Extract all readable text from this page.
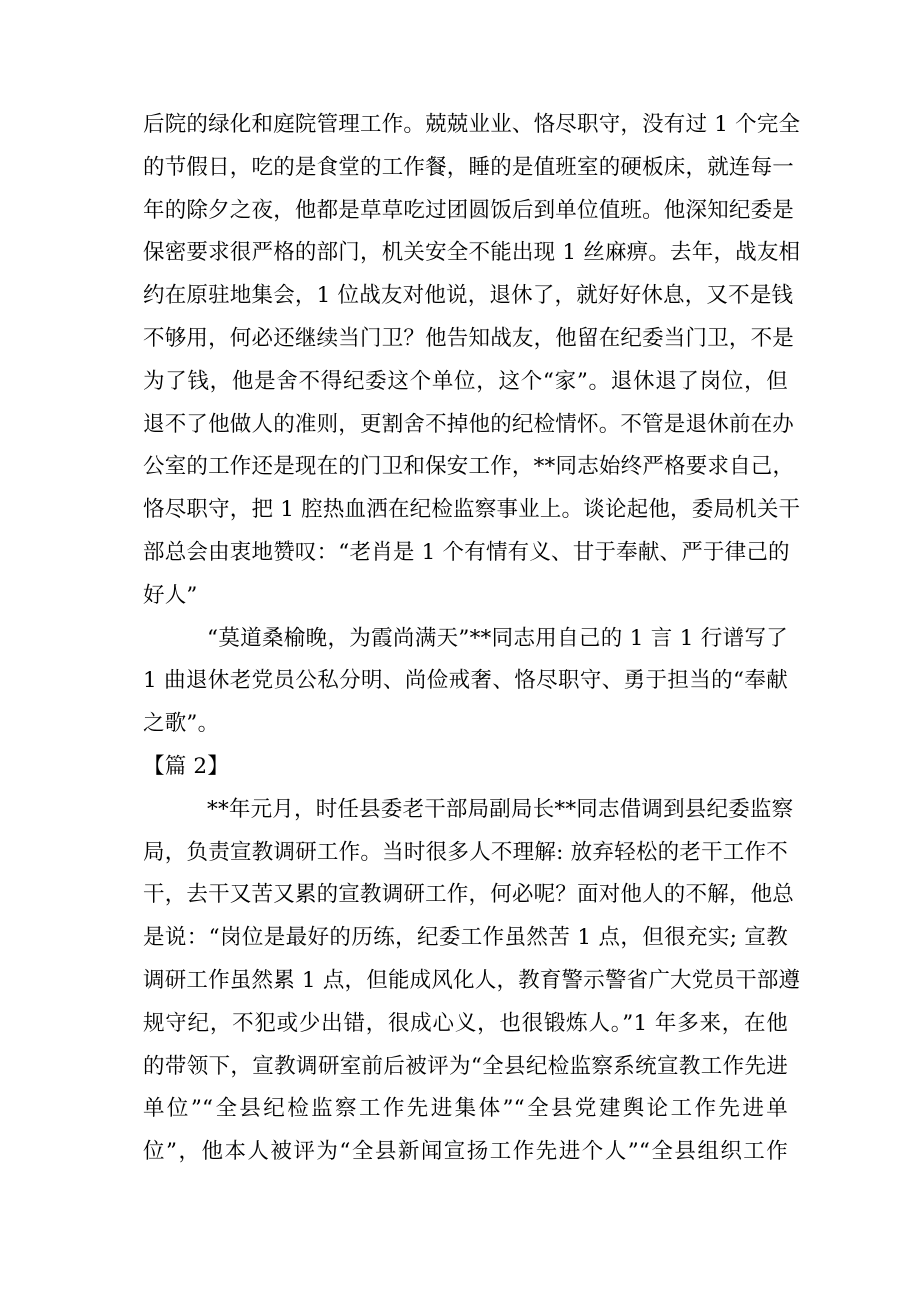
后院的绿化和庭院管理工作。兢兢业业、恪尽职守，没有过 1 个完全
的节假日，吃的是食堂的工作餐，睡的是值班室的硬板床，就连每一
年的除夕之夜，他都是草草吃过团圆饭后到单位值班。他深知纪委是
保密要求很严格的部门，机关安全不能出现 1 丝麻痹。去年，战友相
约在原驻地集会，1 位战友对他说，退休了，就好好休息，又不是钱
不够用，何必还继续当门卫？他告知战友，他留在纪委当门卫，不是
为了钱，他是舍不得纪委这个单位，这个“家”。退休退了岗位，但
退不了他做人的准则，更割舍不掉他的纪检情怀。不管是退休前在办
公室的工作还是现在的门卫和保安工作，**同志始终严格要求自己，
恪尽职守，把 1 腔热血洒在纪检监察事业上。谈论起他，委局机关干
部总会由衷地赞叹：“老肖是 1 个有情有义、甘于奉献、严于律己的
好人”

“莫道桑榆晚，为霞尚满天”**同志用自己的 1 言 1 行谱写了
1 曲退休老党员公私分明、尚俭戒奢、恪尽职守、勇于担当的“奉献
之歌”。

【篇 2】

**年元月，时任县委老干部局副局长**同志借调到县纪委监察
局，负责宣教调研工作。当时很多人不理解: 放弃轻松的老干工作不
干，去干又苦又累的宣教调研工作，何必呢？面对他人的不解，他总
是说：“岗位是最好的历练，纪委工作虽然苦 1 点，但很充实; 宣教
调研工作虽然累 1 点，但能成风化人，教育警示警省广大党员干部遵
规守纪，不犯或少出错，很成心义，也很锻炼人。”1 年多来，在他
的带领下，宣教调研室前后被评为“全县纪检监察系统宣教工作先进
单位”“全县纪检监察工作先进集体”“全县党建舆论工作先进单
位”，他本人被评为“全县新闻宣扬工作先进个人”“全县组织工作
